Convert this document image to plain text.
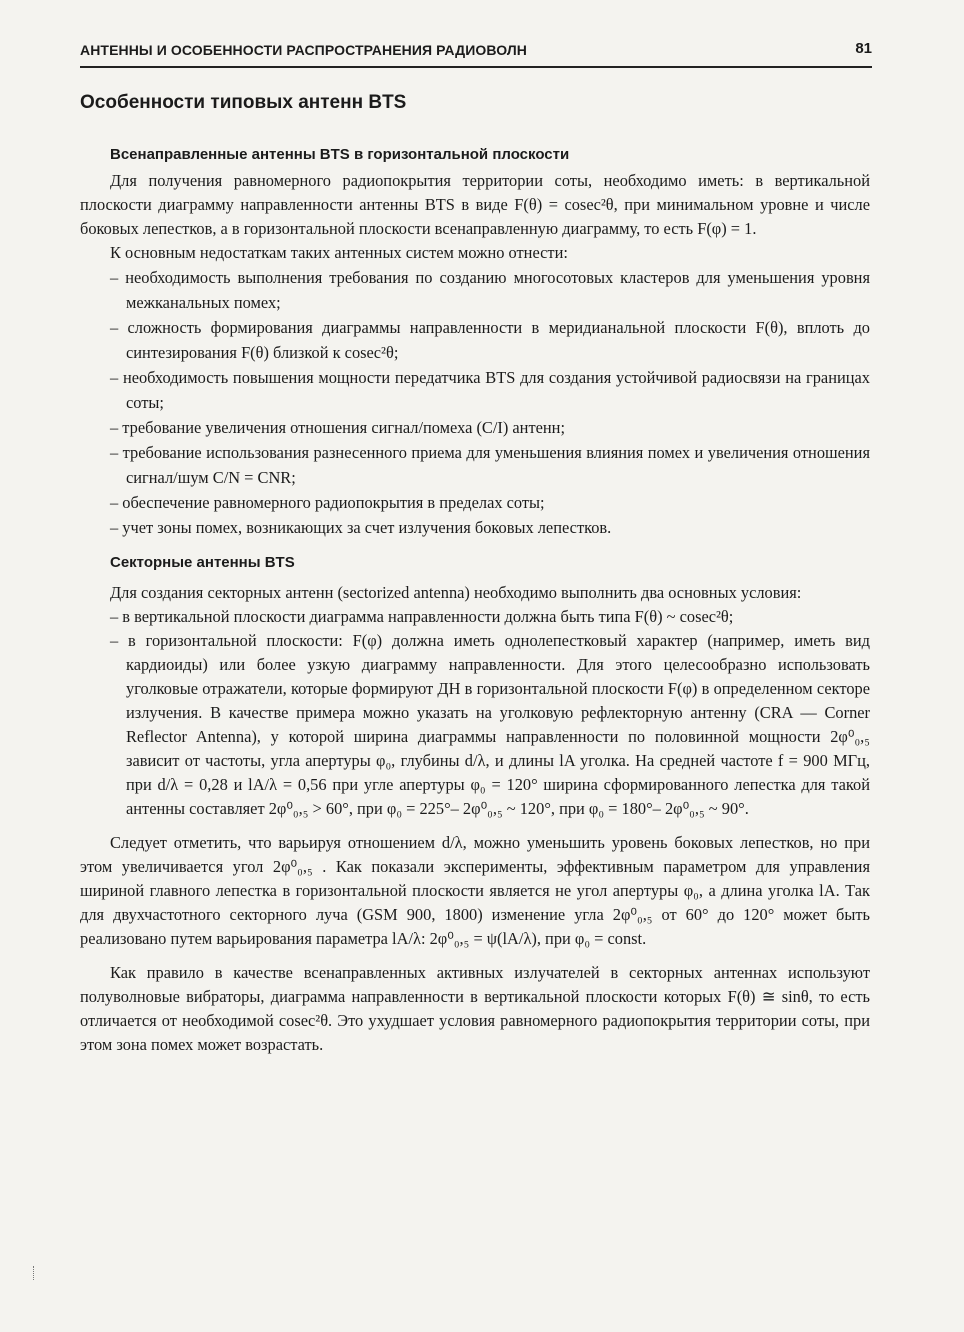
АНТЕННЫ И ОСОБЕННОСТИ РАСПРОСТРАНЕНИЯ РАДИОВОЛН	81
Особенности типовых антенн BTS
Всенаправленные антенны BTS в горизонтальной плоскости

Для получения равномерного радиопокрытия территории соты, необходимо иметь: в вертикальной плоскости диаграмму направленности антенны BTS в виде F(θ) = cosec²θ, при минимальном уровне и числе боковых лепестков, а в горизонтальной плоскости всенаправленную диаграмму, то есть F(φ) = 1.

К основным недостаткам таких антенных систем можно отнести:

– необходимость выполнения требования по созданию многосотовых кластеров для уменьшения уровня межканальных помех;
– сложность формирования диаграммы направленности в меридианальной плоскости F(θ), вплоть до синтезирования F(θ) близкой к cosec²θ;
– необходимость повышения мощности передатчика BTS для создания устойчивой радиосвязи на границах соты;
– требование увеличения отношения сигнал/помеха (C/I) антенн;
– требование использования разнесенного приема для уменьшения влияния помех и увеличения отношения сигнал/шум C/N = CNR;
– обеспечение равномерного радиопокрытия в пределах соты;
– учет зоны помех, возникающих за счет излучения боковых лепестков.
Секторные антенны BTS

Для создания секторных антенн (sectorized antenna) необходимо выполнить два основных условия:

– в вертикальной плоскости диаграмма направленности должна быть типа F(θ) ~ cosec²θ;
– в горизонтальной плоскости: F(φ) должна иметь однолепестковый характер (например, иметь вид кардиоиды) или более узкую диаграмму направленности. Для этого целесообразно использовать уголковые отражатели, которые формируют ДН в горизонтальной плоскости F(φ) в определенном секторе излучения. В качестве примера можно указать на уголковую рефлекторную антенну (CRA — Corner Reflector Antenna), у которой ширина диаграммы направленности по половинной мощности 2φ⁰₀,₅ зависит от частоты, угла апертуры φ₀, глубины d/λ, и длины lA уголка. На средней частоте f = 900 МГц, при d/λ = 0,28 и lA/λ = 0,56 при угле апертуры φ₀ = 120° ширина сформированного лепестка для такой антенны составляет 2φ⁰₀,₅ > 60°, при φ₀ = 225°– 2φ⁰₀,₅ ~ 120°, при φ₀ = 180°– 2φ⁰₀,₅ ~ 90°.

Следует отметить, что варьируя отношением d/λ, можно уменьшить уровень боковых лепестков, но при этом увеличивается угол 2φ⁰₀,₅ . Как показали эксперименты, эффективным параметром для управления шириной главного лепестка в горизонтальной плоскости является не угол апертуры φ₀, а длина уголка lA. Так для двухчастотного секторного луча (GSM 900, 1800) изменение угла 2φ⁰₀,₅ от 60° до 120° может быть реализовано путем варьирования параметра lA/λ: 2φ⁰₀,₅ = ψ(lA/λ), при φ₀ = const.

Как правило в качестве всенаправленных активных излучателей в секторных антеннах используют полуволновые вибраторы, диаграмма направленности в вертикальной плоскости которых F(θ) ≅ sinθ, то есть отличается от необходимой cosec²θ. Это ухудшает условия равномерного радиопокрытия территории соты, при этом зона помех может возрастать.
